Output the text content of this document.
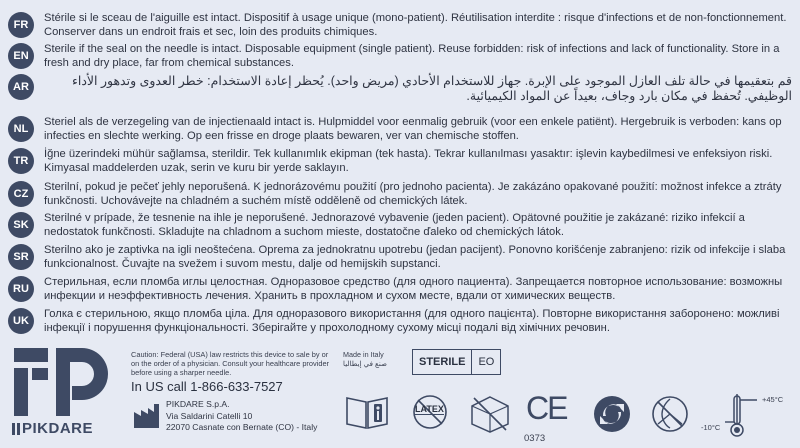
FR
Stérile si le sceau de l'aiguille est intact. Dispositif à usage unique (mono-patient). Réutilisation interdite : risque d'infections et de non-fonctionnement. Conserver dans un endroit frais et sec, loin des produits chimiques.
EN
Sterile if the seal on the needle is intact. Disposable equipment (single patient). Reuse forbidden: risk of infections and lack of functionality. Store in a fresh and dry place, far from chemical substances.
AR	قم بتعقيمها في حالة تلف العازل الموجود على الإبرة. جهاز للاستخدام الأحادي (مريض واحد). يُحظر إعادة الاستخدام: خطر العدوى وتدهور الأداء الوظيفي. تُحفظ في مكان بارد وجاف، بعيداً عن المواد الكيميائية.
NL
Steriel als de verzegeling van de injectienaald intact is. Hulpmiddel voor eenmalig gebruik (voor een enkele patiënt). Hergebruik is verboden: kans op infecties en slechte werking. Op een frisse en droge plaats bewaren, ver van chemische stoffen.
TR
İğne üzerindeki mühür sağlamsa, sterildir. Tek kullanımlık ekipman (tek hasta). Tekrar kullanılması yasaktır: işlevin kaybedilmesi ve enfeksiyon riski. Kimyasal maddelerden uzak, serin ve kuru bir yerde saklayın.
CZ
Sterilní, pokud je pečeť jehly neporušená. K jednorázovému použití (pro jednoho pacienta). Je zakázáno opakované použití: možnost infekce a ztráty funkčnosti. Uchovávejte na chladném a suchém místě odděleně od chemických látek.
SK
Sterilné v prípade, že tesnenie na ihle je neporušené. Jednorazové vybavenie (jeden pacient). Opätovné použitie je zakázané: riziko infekcií a nedostatok funkčnosti. Skladujte na chladnom a suchom mieste, dostatočne ďaleko od chemických látok.
SR
Sterilno ako je zaptivka na igli neoštećena. Oprema za jednokratnu upotrebu (jedan pacijent). Ponovno korišćenje zabranjeno: rizik od infekcije i slaba funkcionalnost. Čuvajte na svežem i suvom mestu, dalje od hemijskih supstanci.
RU
Стерильная, если пломба иглы целостная. Одноразовое средство (для одного пациента). Запрещается повторное использование: возможны инфекции и неэффективность лечения. Хранить в прохладном и сухом месте, вдали от химических веществ.
UK
Голка є стерильною, якщо пломба ціла. Для одноразового використання (для одного пацієнта). Повторне використання заборонено: можливі інфекції і порушення функціональності. Зберігайте у прохолодному сухому місці подалі від хімічних речовин.
PIKDARE
Caution: Federal (USA) law restricts this device to sale by or on the order of a physician. Consult your healthcare provider before using a sharper needle.
In US call 1-866-633-7527
Made in Italy
صنع في إيطاليا	STERILE	EO
PIKDARE S.p.A.
Via Saldarini Catelli 10
22070 Casnate con Bernate (CO) - Italy
LATEX	CE
0373
+45°C
-10°C
